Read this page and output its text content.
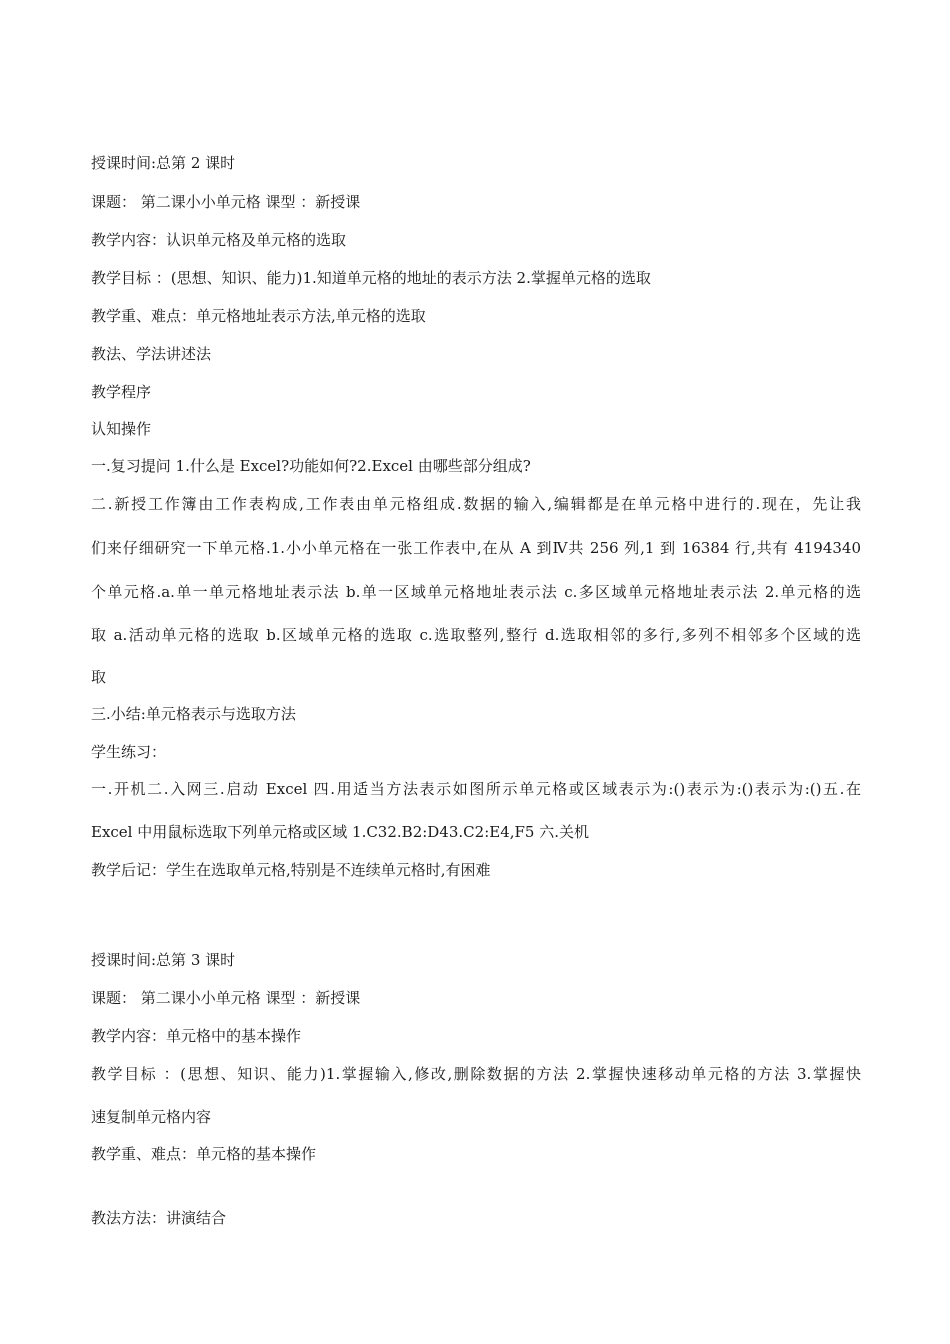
授课时间:总第 2 课时
课题： 第二课小小单元格 课型 ：新授课
教学内容：认识单元格及单元格的选取
教学目标 ：(思想、知识、能力)1.知道单元格的地址的表示方法 2.掌握单元格的选取
教学重、难点：单元格地址表示方法,单元格的选取
教法、学法讲述法
教学程序
认知操作
一.复习提问 1.什么是 Excel?功能如何?2.Excel 由哪些部分组成?
二.新授工作簿由工作表构成,工作表由单元格组成.数据的输入,编辑都是在单元格中进行的.现在，先让我
们来仔细研究一下单元格.1.小小单元格在一张工作表中,在从 A 到Ⅳ共 256 列,1 到 16384 行,共有 4194340
个单元格.a.单一单元格地址表示法 b.单一区域单元格地址表示法 c.多区域单元格地址表示法 2.单元格的选
取 a.活动单元格的选取 b.区域单元格的选取 c.选取整列,整行 d.选取相邻的多行,多列不相邻多个区域的选
取
三.小结:单元格表示与选取方法
学生练习：
一.开机二.入网三.启动 Excel 四.用适当方法表示如图所示单元格或区域表示为:()表示为:()表示为:()五.在
Excel 中用鼠标选取下列单元格或区域 1.C32.B2:D43.C2:E4,F5 六.关机
教学后记：学生在选取单元格,特别是不连续单元格时,有困难
授课时间:总第 3 课时
课题： 第二课小小单元格 课型 ：新授课
教学内容：单元格中的基本操作
教学目标 ：(思想、知识、能力)1.掌握输入,修改,删除数据的方法 2.掌握快速移动单元格的方法 3.掌握快
速复制单元格内容
教学重、难点：单元格的基本操作
教法方法：讲演结合
